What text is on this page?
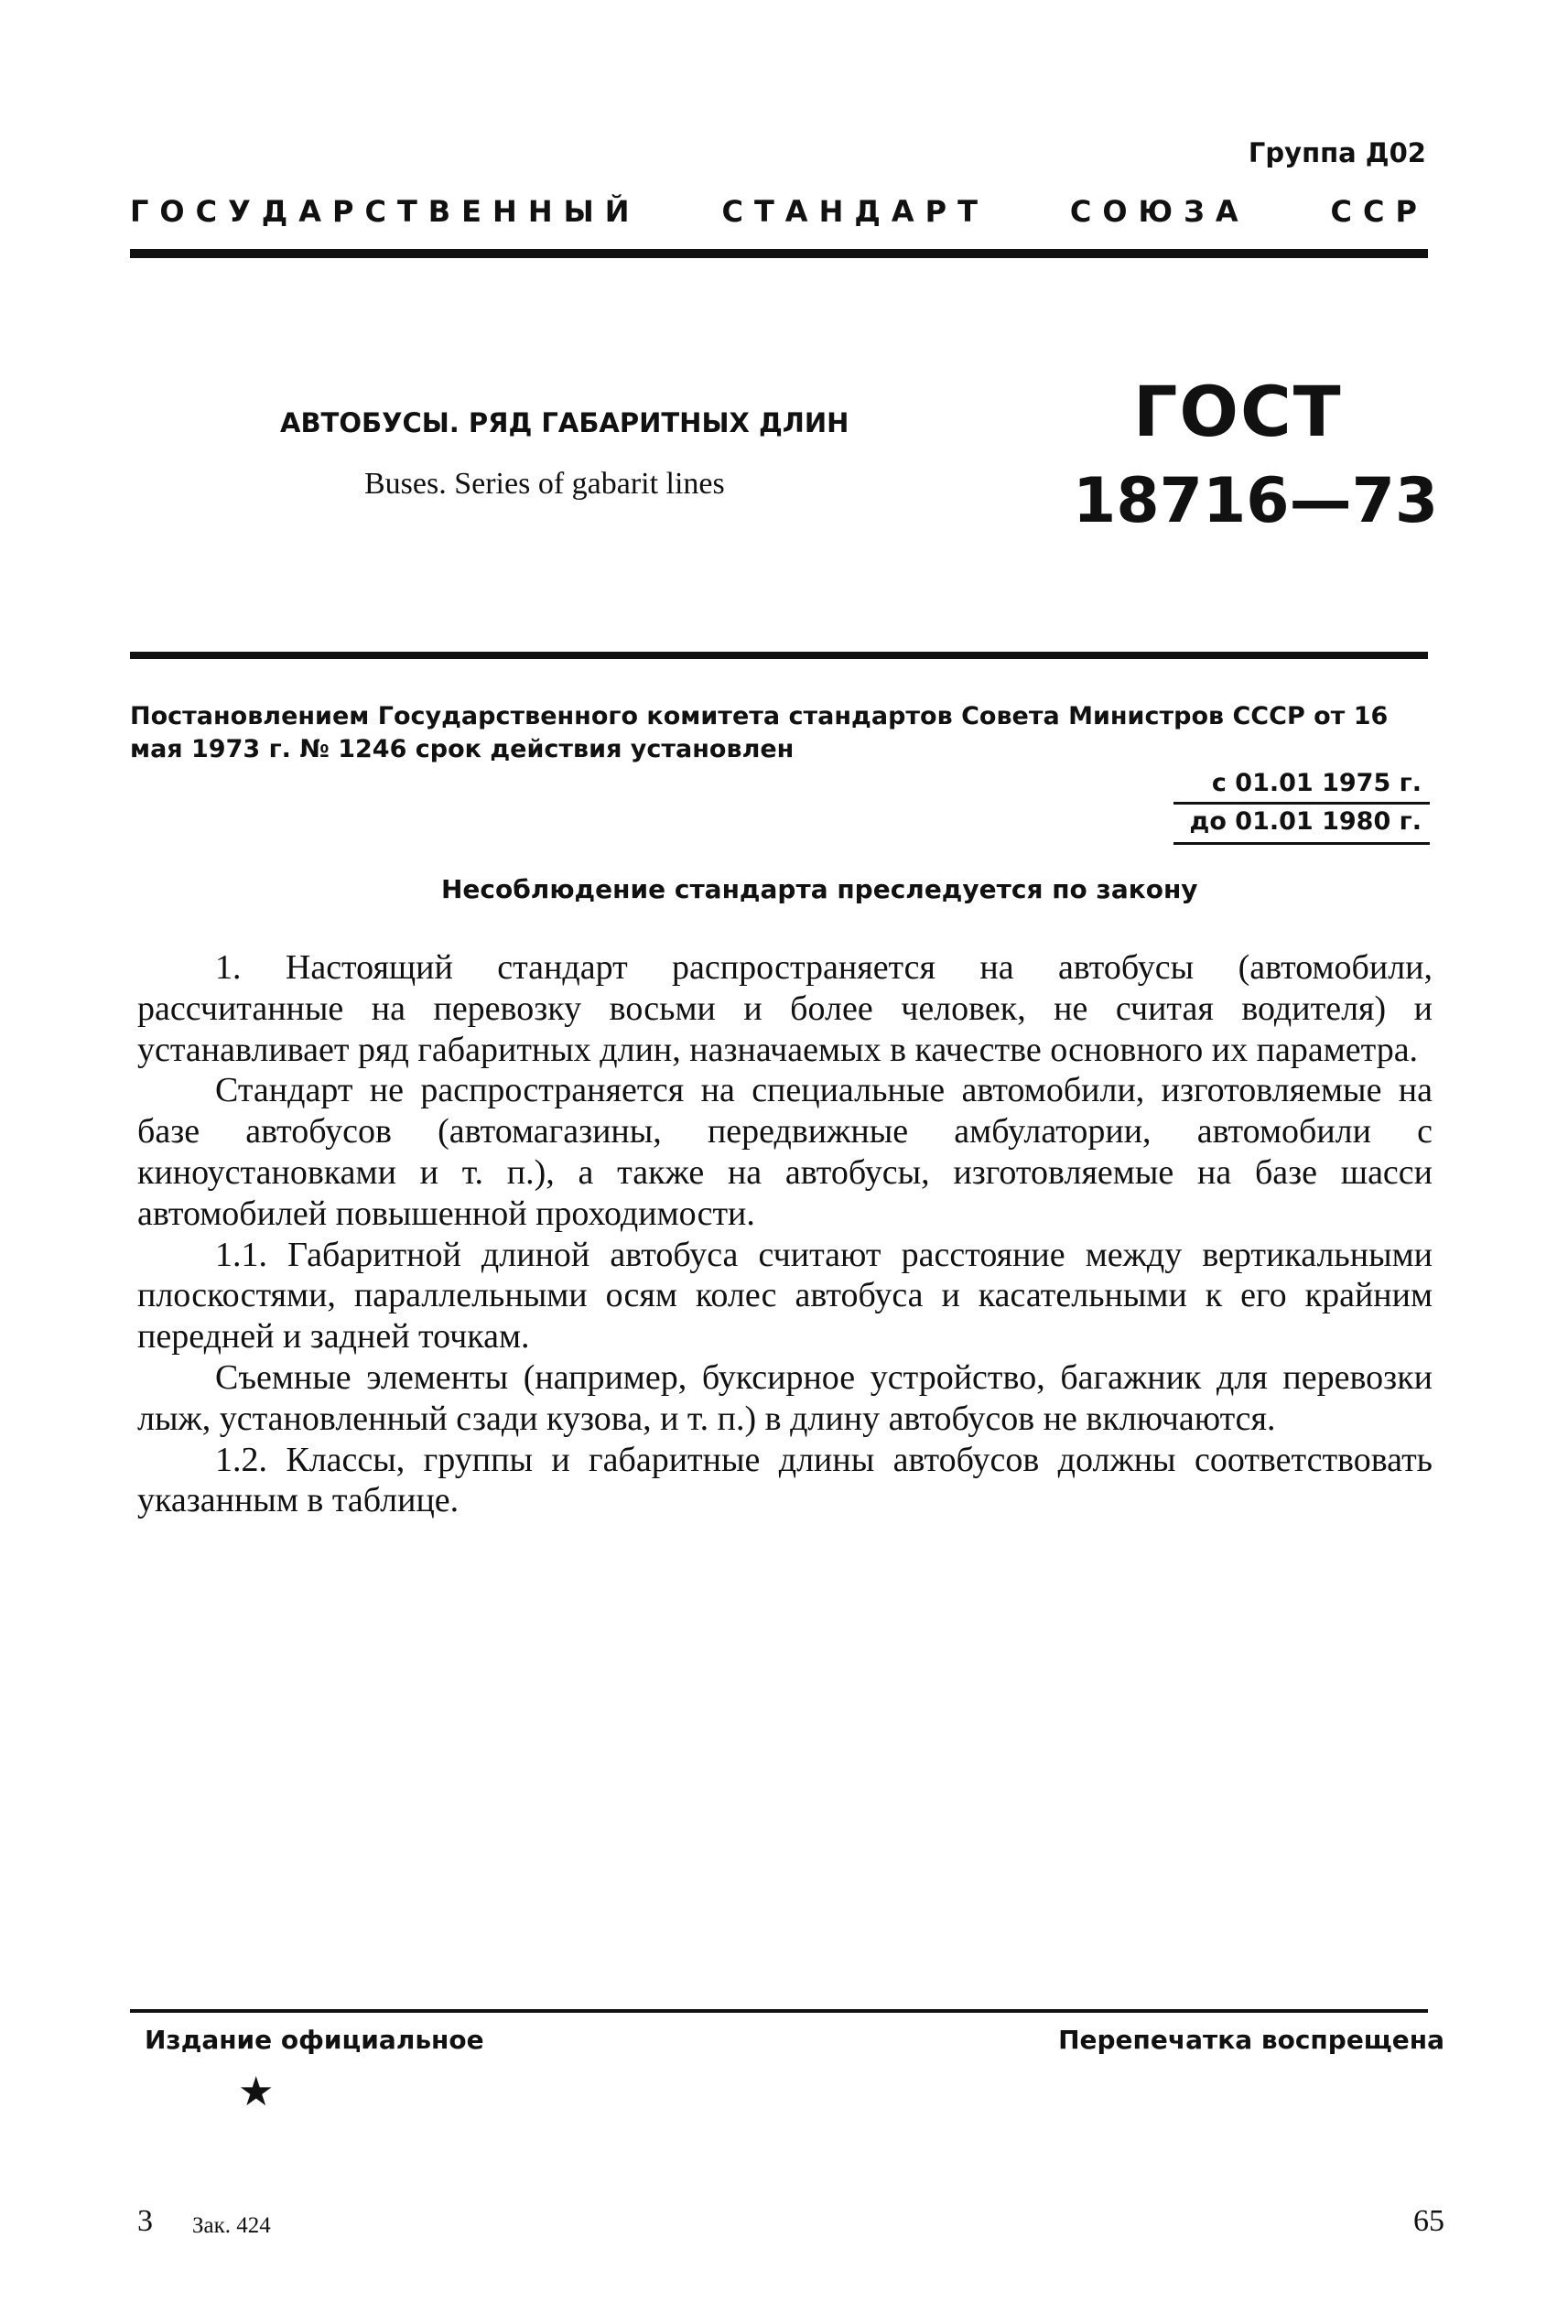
Группа Д02
ГОСУДАРСТВЕННЫЙ	СТАНДАРТ	СОЮЗА	ССР
АВТОБУСЫ. РЯД ГАБАРИТНЫХ ДЛИН
Buses. Series of gabarit lines
ГОСТ
18716—73
Постановлением Государственного комитета стандартов Совета Министров СССР от 16 мая 1973 г. № 1246 срок действия установлен
с 01.01 1975 г.
до 01.01 1980 г.
Несоблюдение стандарта преследуется по закону

1. Настоящий стандарт распространяется на автобусы (автомобили, рассчитанные на перевозку восьми и более человек, не считая водителя) и устанавливает ряд габаритных длин, назначаемых в качестве основного их параметра.

Стандарт не распространяется на специальные автомобили, изготовляемые на базе автобусов (автомагазины, передвижные амбулатории, автомобили с киноустановками и т. п.), а также на автобусы, изготовляемые на базе шасси автомобилей повышенной проходимости.

1.1. Габаритной длиной автобуса считают расстояние между вертикальными плоскостями, параллельными осям колес автобуса и касательными к его крайним передней и задней точкам.

Съемные элементы (например, буксирное устройство, багажник для перевозки лыж, установленный сзади кузова, и т. п.) в длину автобусов не включаются.

1.2. Классы, группы и габаритные длины автобусов должны соответствовать указанным в таблице.

Издание официальное	Перепечатка воспрещена
★
3 Зак. 424	65
